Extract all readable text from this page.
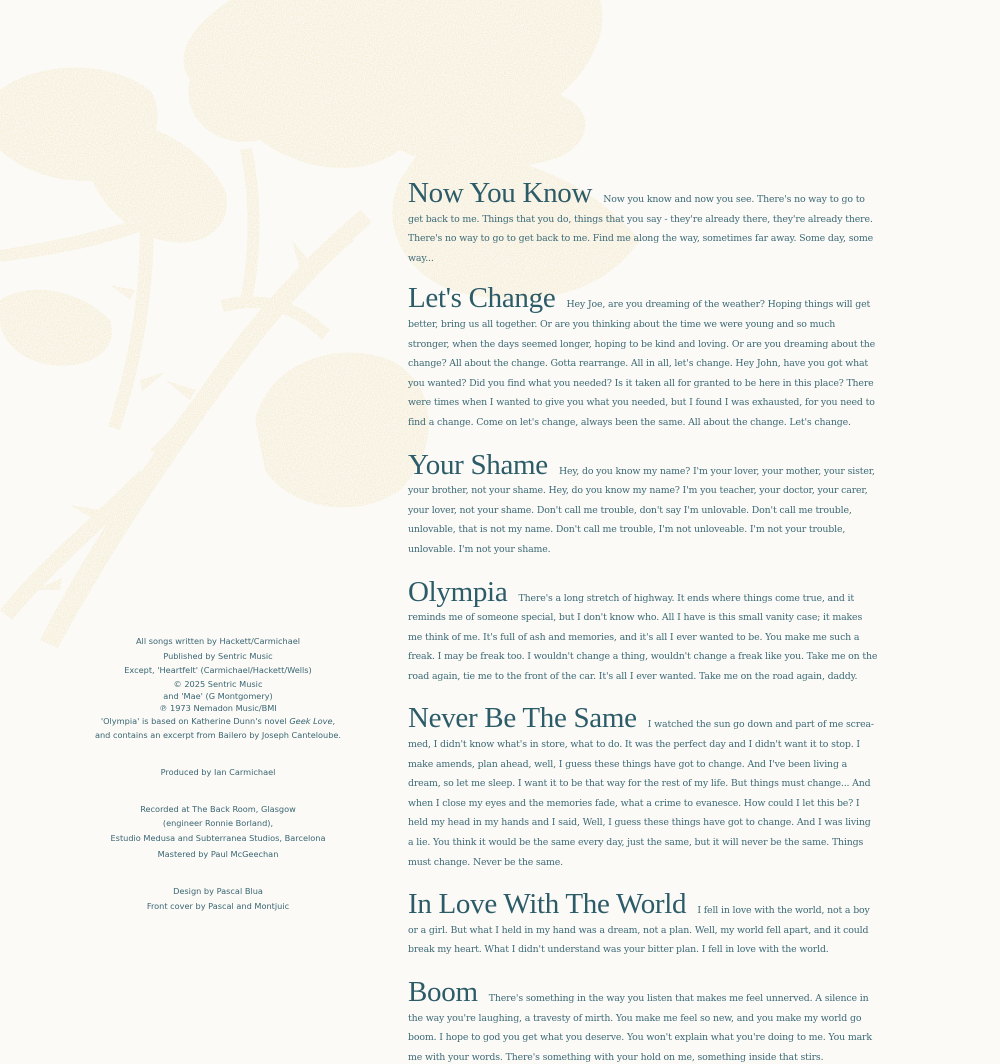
Now You Know Now you know and now you see. There's no way to go to get back to me. Things that you do, things that you say - they're already there, they're already there. There's no way to go to get back to me. Find me along the way, sometimes far away. Some day, some way...

Let's Change Hey Joe, are you dreaming of the weather? Hoping things will get better, bring us all together. Or are you thinking about the time we were young and so much stronger, when the days seemed longer, hoping to be kind and loving. Or are you dreaming about the change? All about the change. Gotta rearrange. All in all, let's change. Hey John, have you got what you wanted? Did you find what you needed? Is it taken all for granted to be here in this place? There were times when I wanted to give you what you needed, but I found I was exhausted, for you need to find a change. Come on let's change, always been the same. All about the change. Let's change.

Your Shame Hey, do you know my name? I'm your lover, your mother, your sister, your brother, not your shame. Hey, do you know my name? I'm you teacher, your doctor, your carer, your lover, not your shame. Don't call me trouble, don't say I'm unlovable. Don't call me trouble, unlovable, that is not my name. Don't call me trouble, I'm not unloveable. I'm not your trouble, unlovable. I'm not your shame.

Olympia There's a long stretch of highway. It ends where things come true, and it reminds me of someone special, but I don't know who. All I have is this small vanity case; it makes me think of me. It's full of ash and memories, and it's all I ever wanted to be. You make me such a freak. I may be freak too. I wouldn't change a thing, wouldn't change a freak like you. Take me on the road again, tie me to the front of the car. It's all I ever wanted. Take me on the road again, daddy.

Never Be The Same I watched the sun go down and part of me screa-med, I didn't know what's in store, what to do. It was the perfect day and I didn't want it to stop. I make amends, plan ahead, well, I guess these things have got to change. And I've been living a dream, so let me sleep. I want it to be that way for the rest of my life. But things must change... And when I close my eyes and the memories fade, what a crime to evanesce. How could I let this be? I held my head in my hands and I said, Well, I guess these things have got to change. And I was living a lie. You think it would be the same every day, just the same, but it will never be the same. Things must change. Never be the same.

In Love With The World I fell in love with the world, not a boy or a girl. But what I held in my hand was a dream, not a plan. Well, my world fell apart, and it could break my heart. What I didn't understand was your bitter plan. I fell in love with the world.

Boom There's something in the way you listen that makes me feel unnerved. A silence in the way you're laughing, a travesty of mirth. You make me feel so new, and you make my world go boom. I hope to god you get what you deserve. You won't explain what you're doing to me. You mark me with your words. There's something with your hold on me, something inside that stirs.

All songs written by Hackett/Carmichael
Published by Sentric Music
Except, 'Heartfelt' (Carmichael/Hackett/Wells)
© 2025 Sentric Music
and 'Mae' (G Montgomery)
℗ 1973 Nemadon Music/BMI
'Olympia' is based on Katherine Dunn's novel Geek Love,
and contains an excerpt from Bailero by Joseph Canteloube.
Produced by Ian Carmichael
Recorded at The Back Room, Glasgow
(engineer Ronnie Borland),
Estudio Medusa and Subterranea Studios, Barcelona
Mastered by Paul McGeechan
Design by Pascal Blua
Front cover by Pascal and Montjuic
